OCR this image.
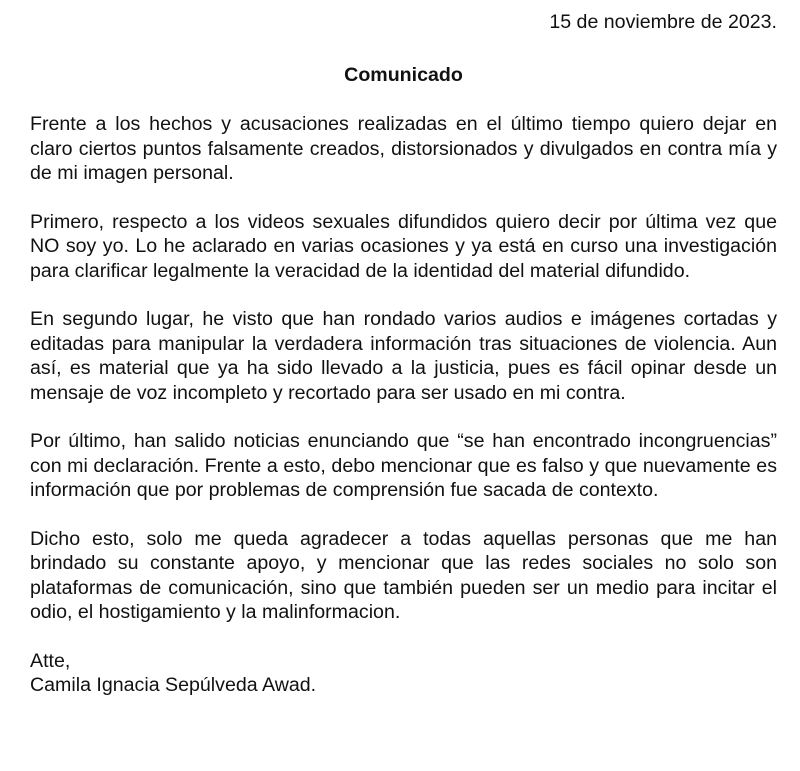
15 de noviembre de 2023.
Comunicado

Frente a los hechos y acusaciones realizadas en el último tiempo quiero dejar en claro ciertos puntos falsamente creados, distorsionados y divulgados en contra mía y de mi imagen personal.

Primero, respecto a los videos sexuales difundidos quiero decir por última vez que NO soy yo. Lo he aclarado en varias ocasiones y ya está en curso una investigación para clarificar legalmente la veracidad de la identidad del material difundido.

En segundo lugar, he visto que han rondado varios audios e imágenes cortadas y editadas para manipular la verdadera información tras situaciones de violencia. Aun así, es material que ya ha sido llevado a la justicia, pues es fácil opinar desde un mensaje de voz incompleto y recortado para ser usado en mi contra.

Por último, han salido noticias enunciando que “se han encontrado incongruencias” con mi declaración. Frente a esto, debo mencionar que es falso y que nuevamente es información que por problemas de comprensión fue sacada de contexto.

Dicho esto, solo me queda agradecer a todas aquellas personas que me han brindado su constante apoyo, y mencionar que las redes sociales no solo son plataformas de comunicación, sino que también pueden ser un medio para incitar el odio, el hostigamiento y la malinformacion.

Atte,
Camila Ignacia Sepúlveda Awad.
